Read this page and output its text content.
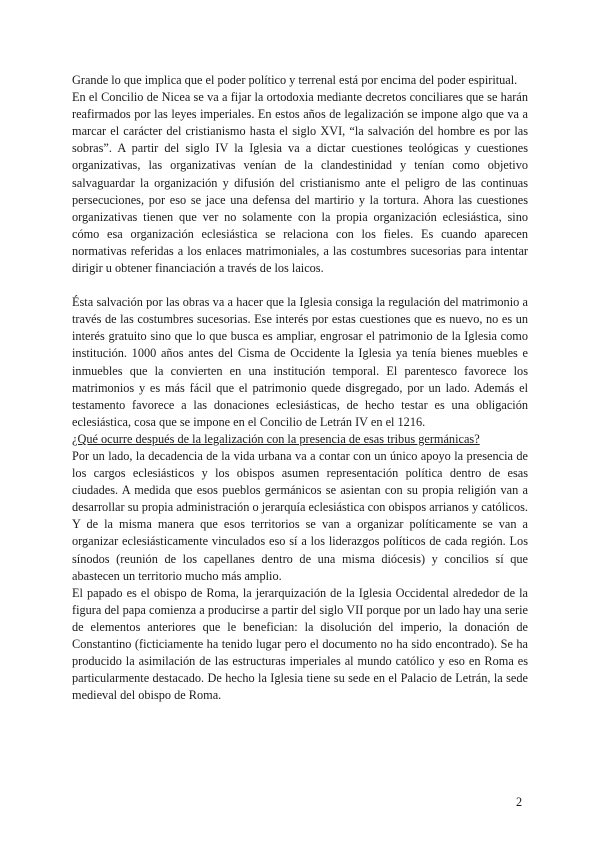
Grande lo que implica que el poder político y terrenal está por encima del poder espiritual.

En el Concilio de Nicea se va a fijar la ortodoxia mediante decretos conciliares que se harán reafirmados por las leyes imperiales. En estos años de legalización se impone algo que va a marcar el carácter del cristianismo hasta el siglo XVI, “la salvación del hombre es por las sobras”. A partir del siglo IV la Iglesia va a dictar cuestiones teológicas y cuestiones organizativas, las organizativas venían de la clandestinidad y tenían como objetivo salvaguardar la organización y difusión del cristianismo ante el peligro de las continuas persecuciones, por eso se jace una defensa del martirio y la tortura. Ahora las cuestiones organizativas tienen que ver no solamente con la propia organización eclesiástica, sino cómo esa organización eclesiástica se relaciona con los fieles. Es cuando aparecen normativas referidas a los enlaces matrimoniales, a las costumbres sucesorias para intentar dirigir u obtener financiación a través de los laicos.

Ésta salvación por las obras va a hacer que la Iglesia consiga la regulación del matrimonio a través de las costumbres sucesorias. Ese interés por estas cuestiones que es nuevo, no es un interés gratuito sino que lo que busca es ampliar, engrosar el patrimonio de la Iglesia como institución. 1000 años antes del Cisma de Occidente la Iglesia ya tenía bienes muebles e inmuebles que la convierten en una institución temporal. El parentesco favorece los matrimonios y es más fácil que el patrimonio quede disgregado, por un lado. Además el testamento favorece a las donaciones eclesiásticas, de hecho testar es una obligación eclesiástica, cosa que se impone en el Concilio de Letrán IV en el 1216.

¿Qué ocurre después de la legalización con la presencia de esas tribus germánicas?

Por un lado, la decadencia de la vida urbana va a contar con un único apoyo la presencia de los cargos eclesiásticos y los obispos asumen representación política dentro de esas ciudades. A medida que esos pueblos germánicos se asientan con su propia religión van a desarrollar su propia administración o jerarquía eclesiástica con obispos arrianos y católicos. Y de la misma manera que esos territorios se van a organizar políticamente se van a organizar eclesiásticamente vinculados eso sí a los liderazgos políticos de cada región. Los sínodos (reunión de los capellanes dentro de una misma diócesis) y concilios sí que abastecen un territorio mucho más amplio.

El papado es el obispo de Roma, la jerarquización de la Iglesia Occidental alrededor de la figura del papa comienza a producirse a partir del siglo VII porque por un lado hay una serie de elementos anteriores que le benefician: la disolución del imperio, la donación de Constantino (ficticiamente ha tenido lugar pero el documento no ha sido encontrado). Se ha producido la asimilación de las estructuras imperiales al mundo católico y eso en Roma es particularmente destacado. De hecho la Iglesia tiene su sede en el Palacio de Letrán, la sede medieval del obispo de Roma.

2
